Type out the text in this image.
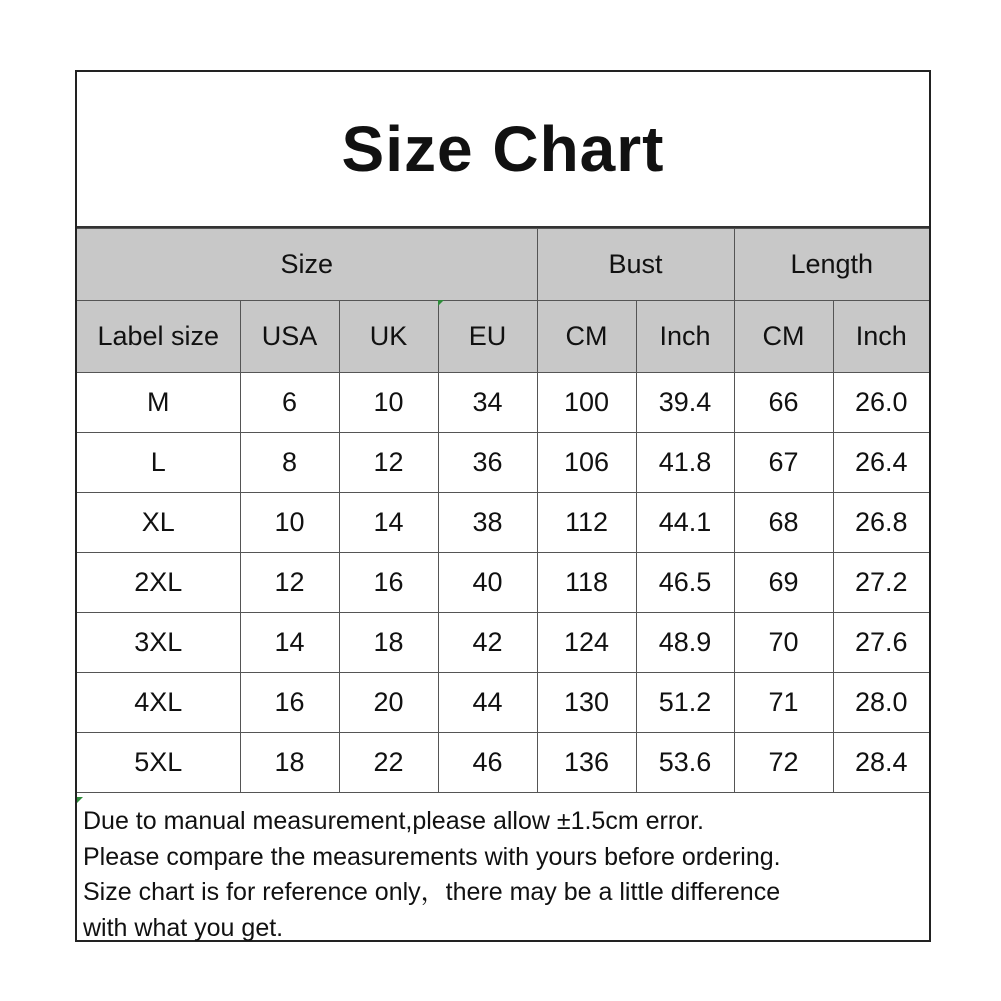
Size Chart
Size				Bust		Length	
Label size	USA	UK	EU	CM	Inch	CM	Inch
M	6	10	34	100	39.4	66	26.0
L	8	12	36	106	41.8	67	26.4
XL	10	14	38	112	44.1	68	26.8
2XL	12	16	40	118	46.5	69	27.2
3XL	14	18	42	124	48.9	70	27.6
4XL	16	20	44	130	51.2	71	28.0
5XL	18	22	46	136	53.6	72	28.4
Due to manual measurement,please allow ±1.5cm error.
Please compare the measurements with yours before ordering.
Size chart is for reference only，there may be a little difference
with what you get.
